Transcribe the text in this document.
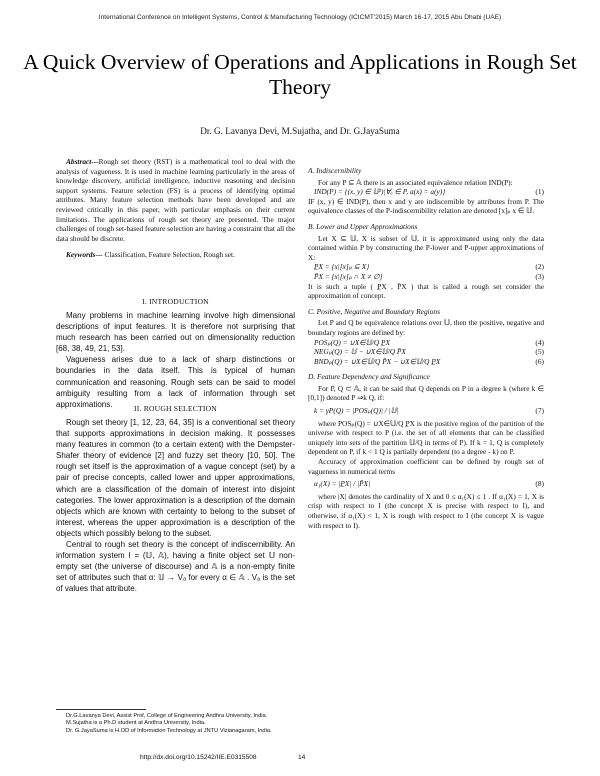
International Conference on Intelligent Systems, Control & Manufacturing Technology (ICICMT'2015) March 16-17, 2015 Abu Dhabi (UAE)
A Quick Overview of Operations and Applications in Rough Set Theory
Dr. G. Lavanya Devi, M.Sujatha, and Dr. G.JayaSuma

Abstract---Rough set theory (RST) is a mathematical tool to deal with the analysis of vagueness. It is used in machine learning particularly in the areas of knowledge discovery, artificial intelligence, inductive reasoning and decision support systems. Feature selection (FS) is a process of identifying optimal attributes. Many feature selection methods have been developed and are reviewed critically in this paper, with particular emphasis on their current limitations. The applications of rough set theory are presented. The major challenges of rough set-based feature selection are having a constraint that all the data should be discrete.

Keywords--- Classification, Feature Selection, Rough set.

I. INTRODUCTION

Many problems in machine learning involve high dimensional descriptions of input features. It is therefore not surprising that much research has been carried out on dimensionality reduction [68, 38, 49, 21, 53].

Vagueness arises due to a lack of sharp distinctions or boundaries in the data itself. This is typical of human communication and reasoning. Rough sets can be said to model ambiguity resulting from a lack of information through set approximations.	II. ROUGH SELECTION

Rough set theory [1, 12, 23, 64, 35] is a conventional set theory that supports approximations in decision making. It possesses many features in common (to a certain extent) with the Dempster-Shafer theory of evidence [2] and fuzzy set theory [10, 50]. The rough set itself is the approximation of a vague concept (set) by a pair of precise concepts, called lower and upper approximations, which are a classification of the domain of interest into disjoint categories. The lower approximation is a description of the domain objects which are known with certainty to belong to the subset of interest, whereas the upper approximation is a description of the objects which possibly belong to the subset.

Central to rough set theory is the concept of indiscernibility. An information system I = (𝕌, 𝔸), having a finite object set 𝕌 non-empty set (the universe of discourse) and 𝔸 is a non-empty finite set of attributes such that α: 𝕌 → Vₐ for every α ∈ 𝔸 . Vₐ is the set of values that attribute.

Dr.G.Lavanya Devi, Assist Prof, College of Engineering Andhra University, India.

M.Sujatha is a Ph.D student at Andhra University, India.

Dr. G.JayaSuma is H.OD of Information Technology at JNTU Vizianagaram, India.

A. Indiscernibility

For any P ⊆ 𝔸 there is an associated equivalence relation IND(P):

IND(P) = {(x, y) ∈ 𝕌²)|∀ₐ ∈ P, a(x) = a(y)}	(1)

IF (x, y) ∈ IND(P), then x and y are indiscernible by attributes from P. The equivalence classes of the P-indiscernibility relation are denoted [x]ₚ x ∈ 𝕌.

B. Lower and Upper Approximations

Let X ⊆ 𝕌, X is subset of 𝕌, it is approximated using only the data contained within P by constructing the P-lower and P-upper approximations of X:

P̲X = {x|[x]ₚ ⊆ X}	(2)
P̄X = {x|[x]ₚ ∩ X ≠ ∅}	(3)

It is such a tuple ( P̲X , P̄X ) that is called a rough set consider the approximation of concept.

C. Positive, Negative and Boundary Regions

Let P and Q be equivalence relations over 𝕌, then the positive, negative and boundary regions are defined by:

POSₚ(Q) = ∪X∈𝕌/Q P̲X	(4)
NEGₚ(Q) = 𝕌 − ∪X∈𝕌/Q P̄X	(5)
BNDₚ(Q) = ∪X∈𝕌/Q P̄X − ∪X∈𝕌/Q P̲X	(6)

D. Feature Dependency and Significance

For P, Q ⊂ 𝔸, it can be said that Q depends on P in a degree k (where k ∈ [0,1]) denoted P ⇒k Q, if:

k = γP(Q) = |POSₚ(Q)| / |𝕌|	(7)

where POSₚ(Q) = ∪X∈𝕌/Q P̲X is the positive region of the partition of the universe with respect to P (i.e. the set of all elements that can be classified uniquely into sets of the partition 𝕌/Q in terms of P). If k = 1, Q is completely dependent on P, if k < 1 Q is partially dependent (to a degree - k) on P.

Accuracy of approximation coefficient can be defined by rough set of vagueness in numerical terms

α₁(X) = |P̲X| / |P̄X|	(8)

where |X| denotes the cardinality of X and 0 ≤ α₁(X) ≤ 1 . If α₁(X) = 1, X is crisp with respect to I (the concept X is precise with respect to I), and otherwise, if α₁(X) < 1, X is rough with respect to I (the concept X is vague with respect to I).

http://dx.doi.org/10.15242/IIE.E0315508	14
